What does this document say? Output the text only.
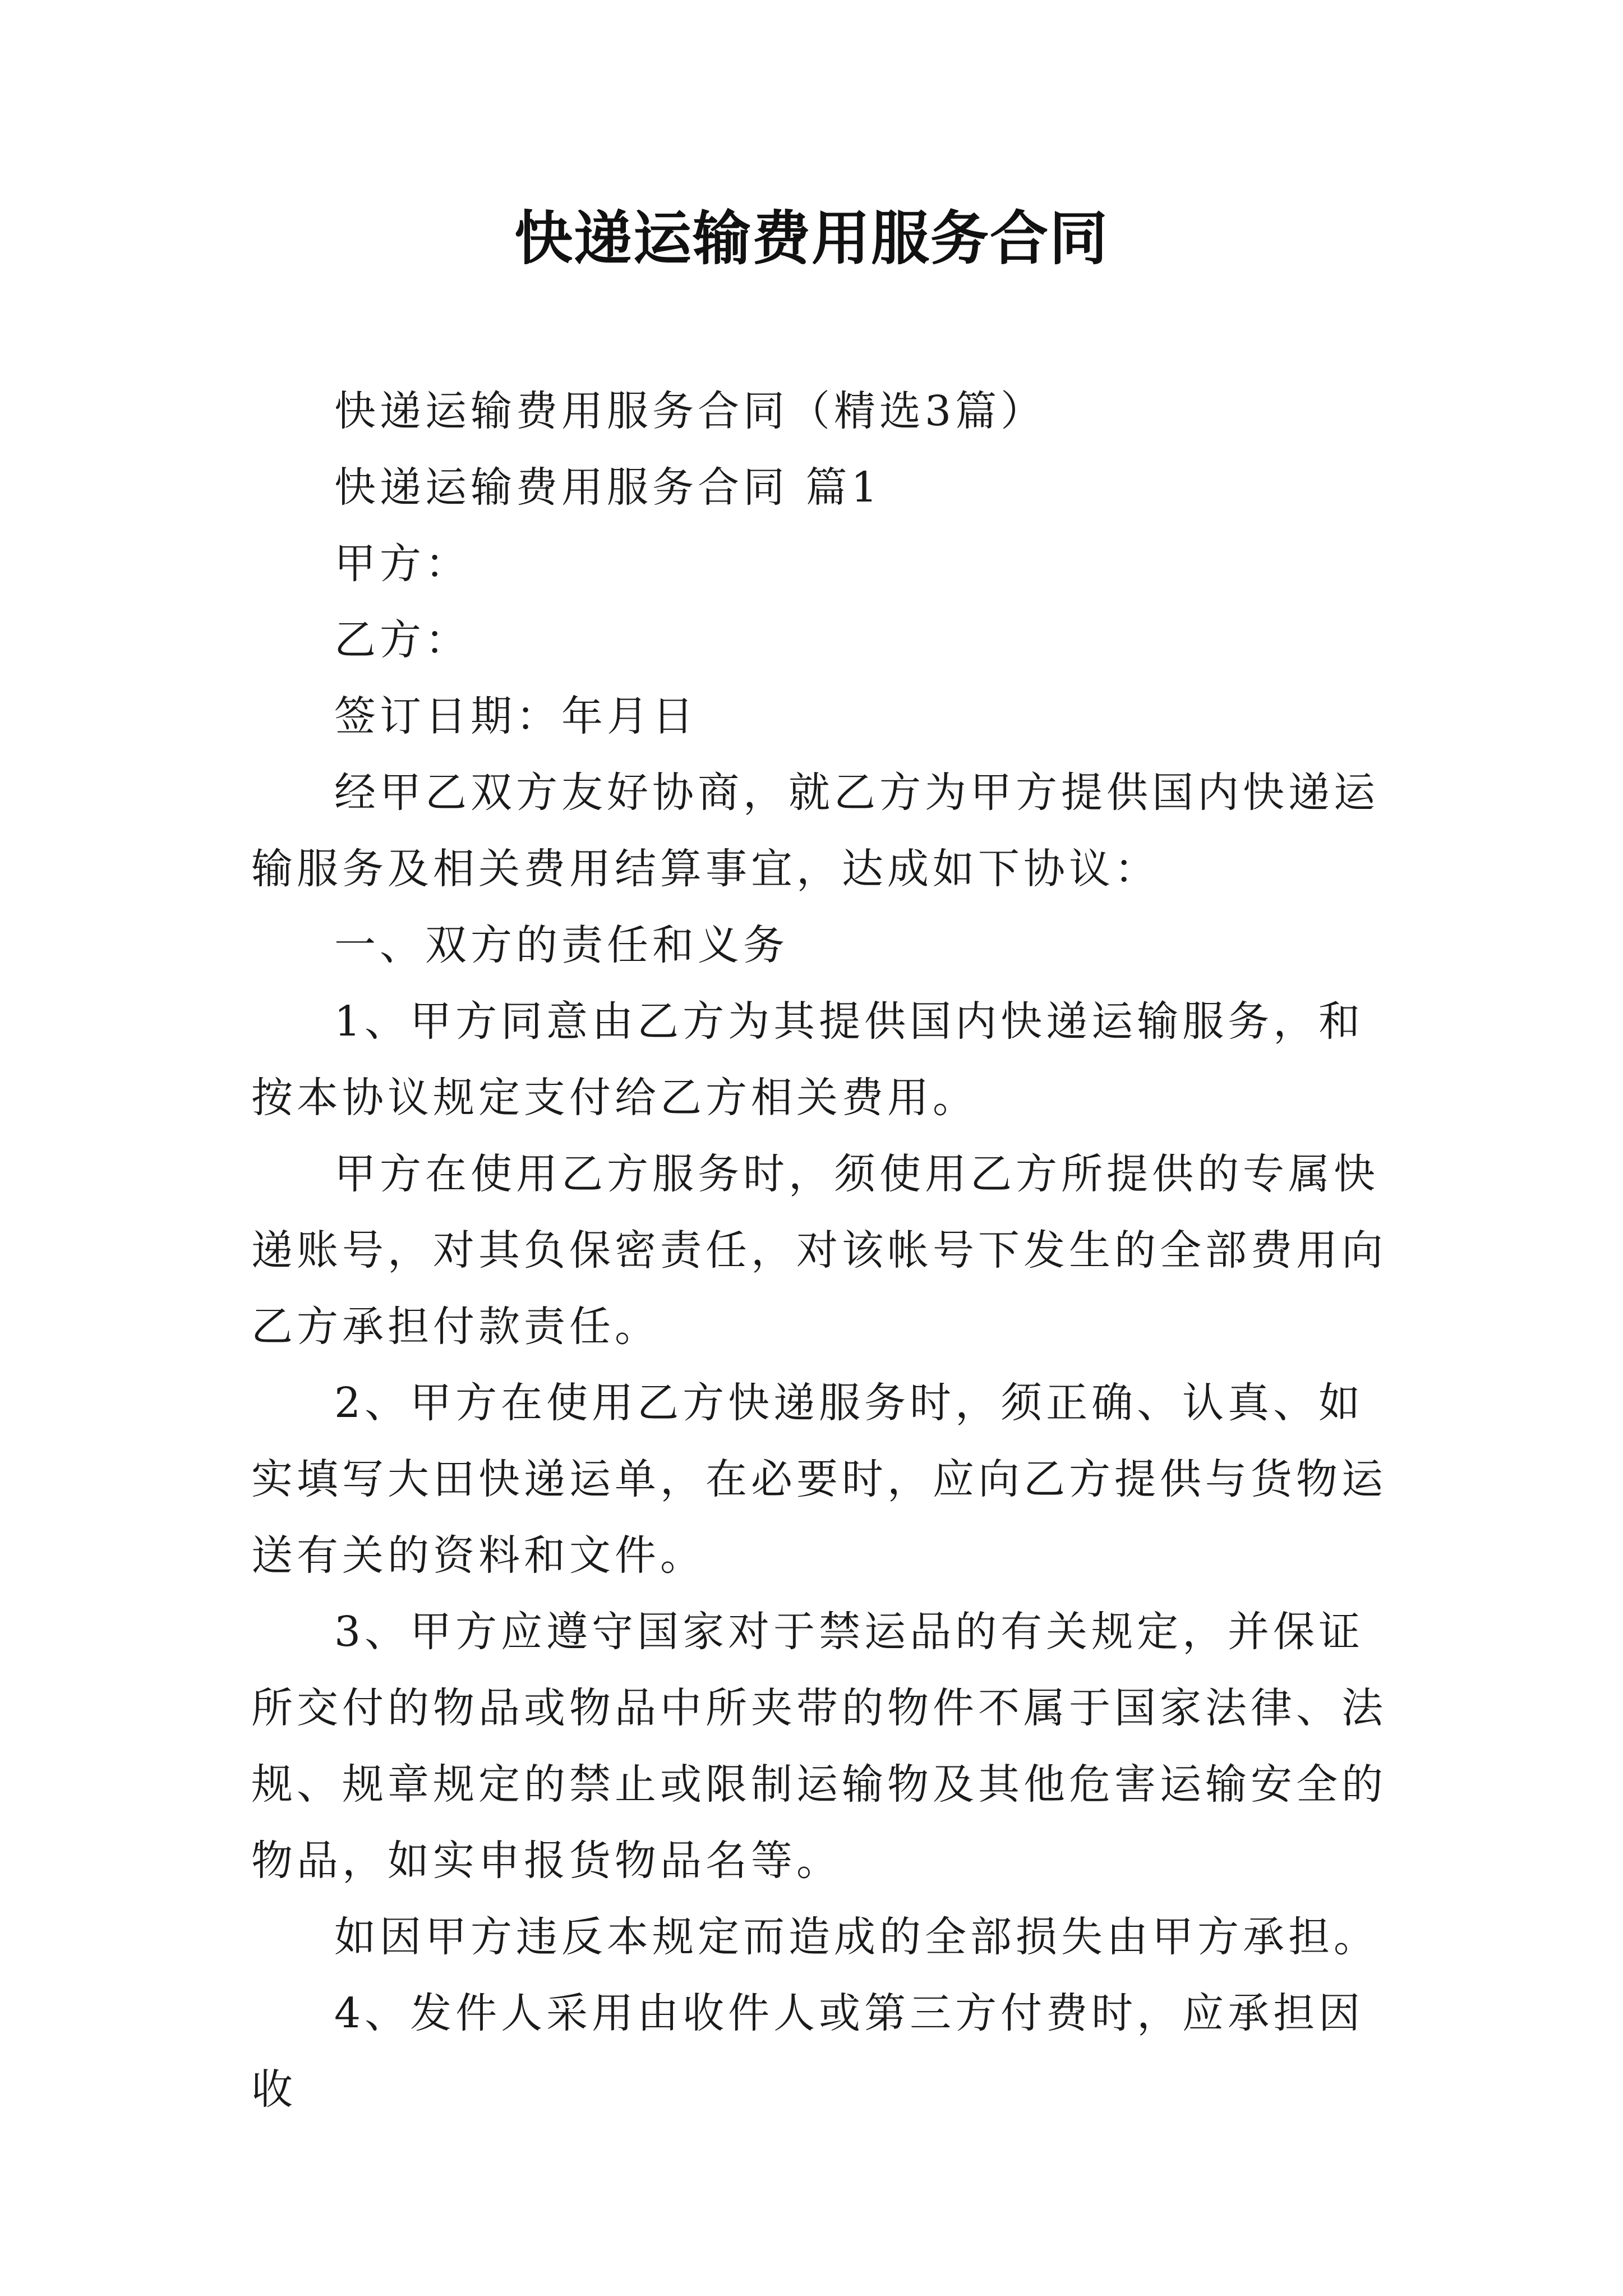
快递运输费用服务合同

快递运输费用服务合同（精选3篇）

快递运输费用服务合同 篇1

甲方：

乙方：

签订日期：年月日

经甲乙双方友好协商，就乙方为甲方提供国内快递运输服务及相关费用结算事宜，达成如下协议：

一、双方的责任和义务

1、甲方同意由乙方为其提供国内快递运输服务，和按本协议规定支付给乙方相关费用。

甲方在使用乙方服务时，须使用乙方所提供的专属快递账号，对其负保密责任，对该帐号下发生的全部费用向乙方承担付款责任。

2、甲方在使用乙方快递服务时，须正确、认真、如实填写大田快递运单，在必要时，应向乙方提供与货物运送有关的资料和文件。

3、甲方应遵守国家对于禁运品的有关规定，并保证所交付的物品或物品中所夹带的物件不属于国家法律、法规、规章规定的禁止或限制运输物及其他危害运输安全的物品，如实申报货物品名等。

如因甲方违反本规定而造成的全部损失由甲方承担。

4、发件人采用由收件人或第三方付费时，应承担因收
